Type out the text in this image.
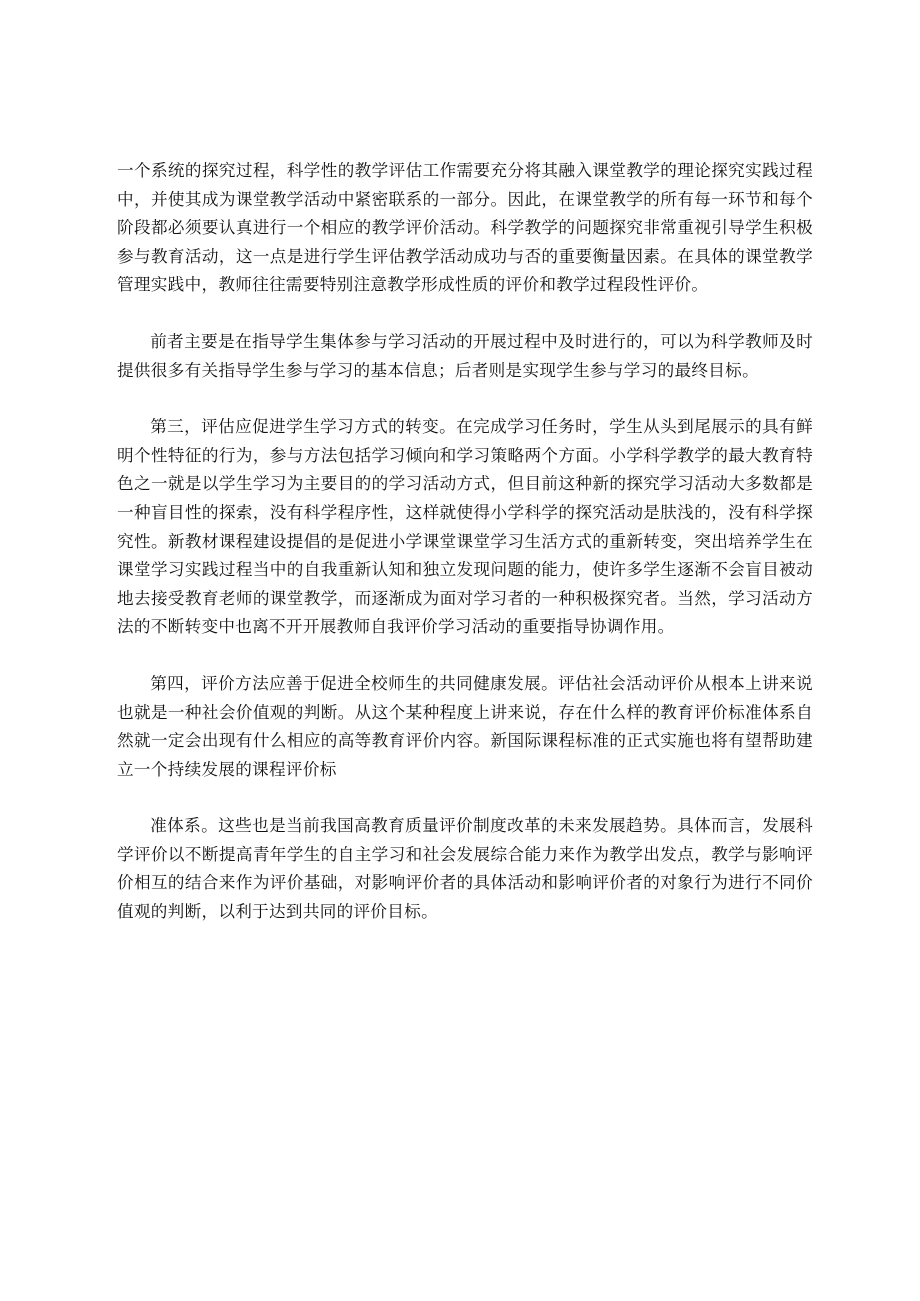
一个系统的探究过程，科学性的教学评估工作需要充分将其融入课堂教学的理论探究实践过程中，并使其成为课堂教学活动中紧密联系的一部分。因此，在课堂教学的所有每一环节和每个阶段都必须要认真进行一个相应的教学评价活动。科学教学的问题探究非常重视引导学生积极参与教育活动，这一点是进行学生评估教学活动成功与否的重要衡量因素。在具体的课堂教学管理实践中，教师往往需要特别注意教学形成性质的评价和教学过程段性评价。

前者主要是在指导学生集体参与学习活动的开展过程中及时进行的，可以为科学教师及时提供很多有关指导学生参与学习的基本信息；后者则是实现学生参与学习的最终目标。

第三，评估应促进学生学习方式的转变。在完成学习任务时，学生从头到尾展示的具有鲜明个性特征的行为，参与方法包括学习倾向和学习策略两个方面。小学科学教学的最大教育特色之一就是以学生学习为主要目的的学习活动方式，但目前这种新的探究学习活动大多数都是一种盲目性的探索，没有科学程序性，这样就使得小学科学的探究活动是肤浅的，没有科学探究性。新教材课程建设提倡的是促进小学课堂课堂学习生活方式的重新转变，突出培养学生在课堂学习实践过程当中的自我重新认知和独立发现问题的能力，使许多学生逐渐不会盲目被动地去接受教育老师的课堂教学，而逐渐成为面对学习者的一种积极探究者。当然，学习活动方法的不断转变中也离不开开展教师自我评价学习活动的重要指导协调作用。

第四，评价方法应善于促进全校师生的共同健康发展。评估社会活动评价从根本上讲来说也就是一种社会价值观的判断。从这个某种程度上讲来说，存在什么样的教育评价标准体系自然就一定会出现有什么相应的高等教育评价内容。新国际课程标准的正式实施也将有望帮助建立一个持续发展的课程评价标

准体系。这些也是当前我国高教育质量评价制度改革的未来发展趋势。具体而言，发展科学评价以不断提高青年学生的自主学习和社会发展综合能力来作为教学出发点，教学与影响评价相互的结合来作为评价基础，对影响评价者的具体活动和影响评价者的对象行为进行不同价值观的判断，以利于达到共同的评价目标。
